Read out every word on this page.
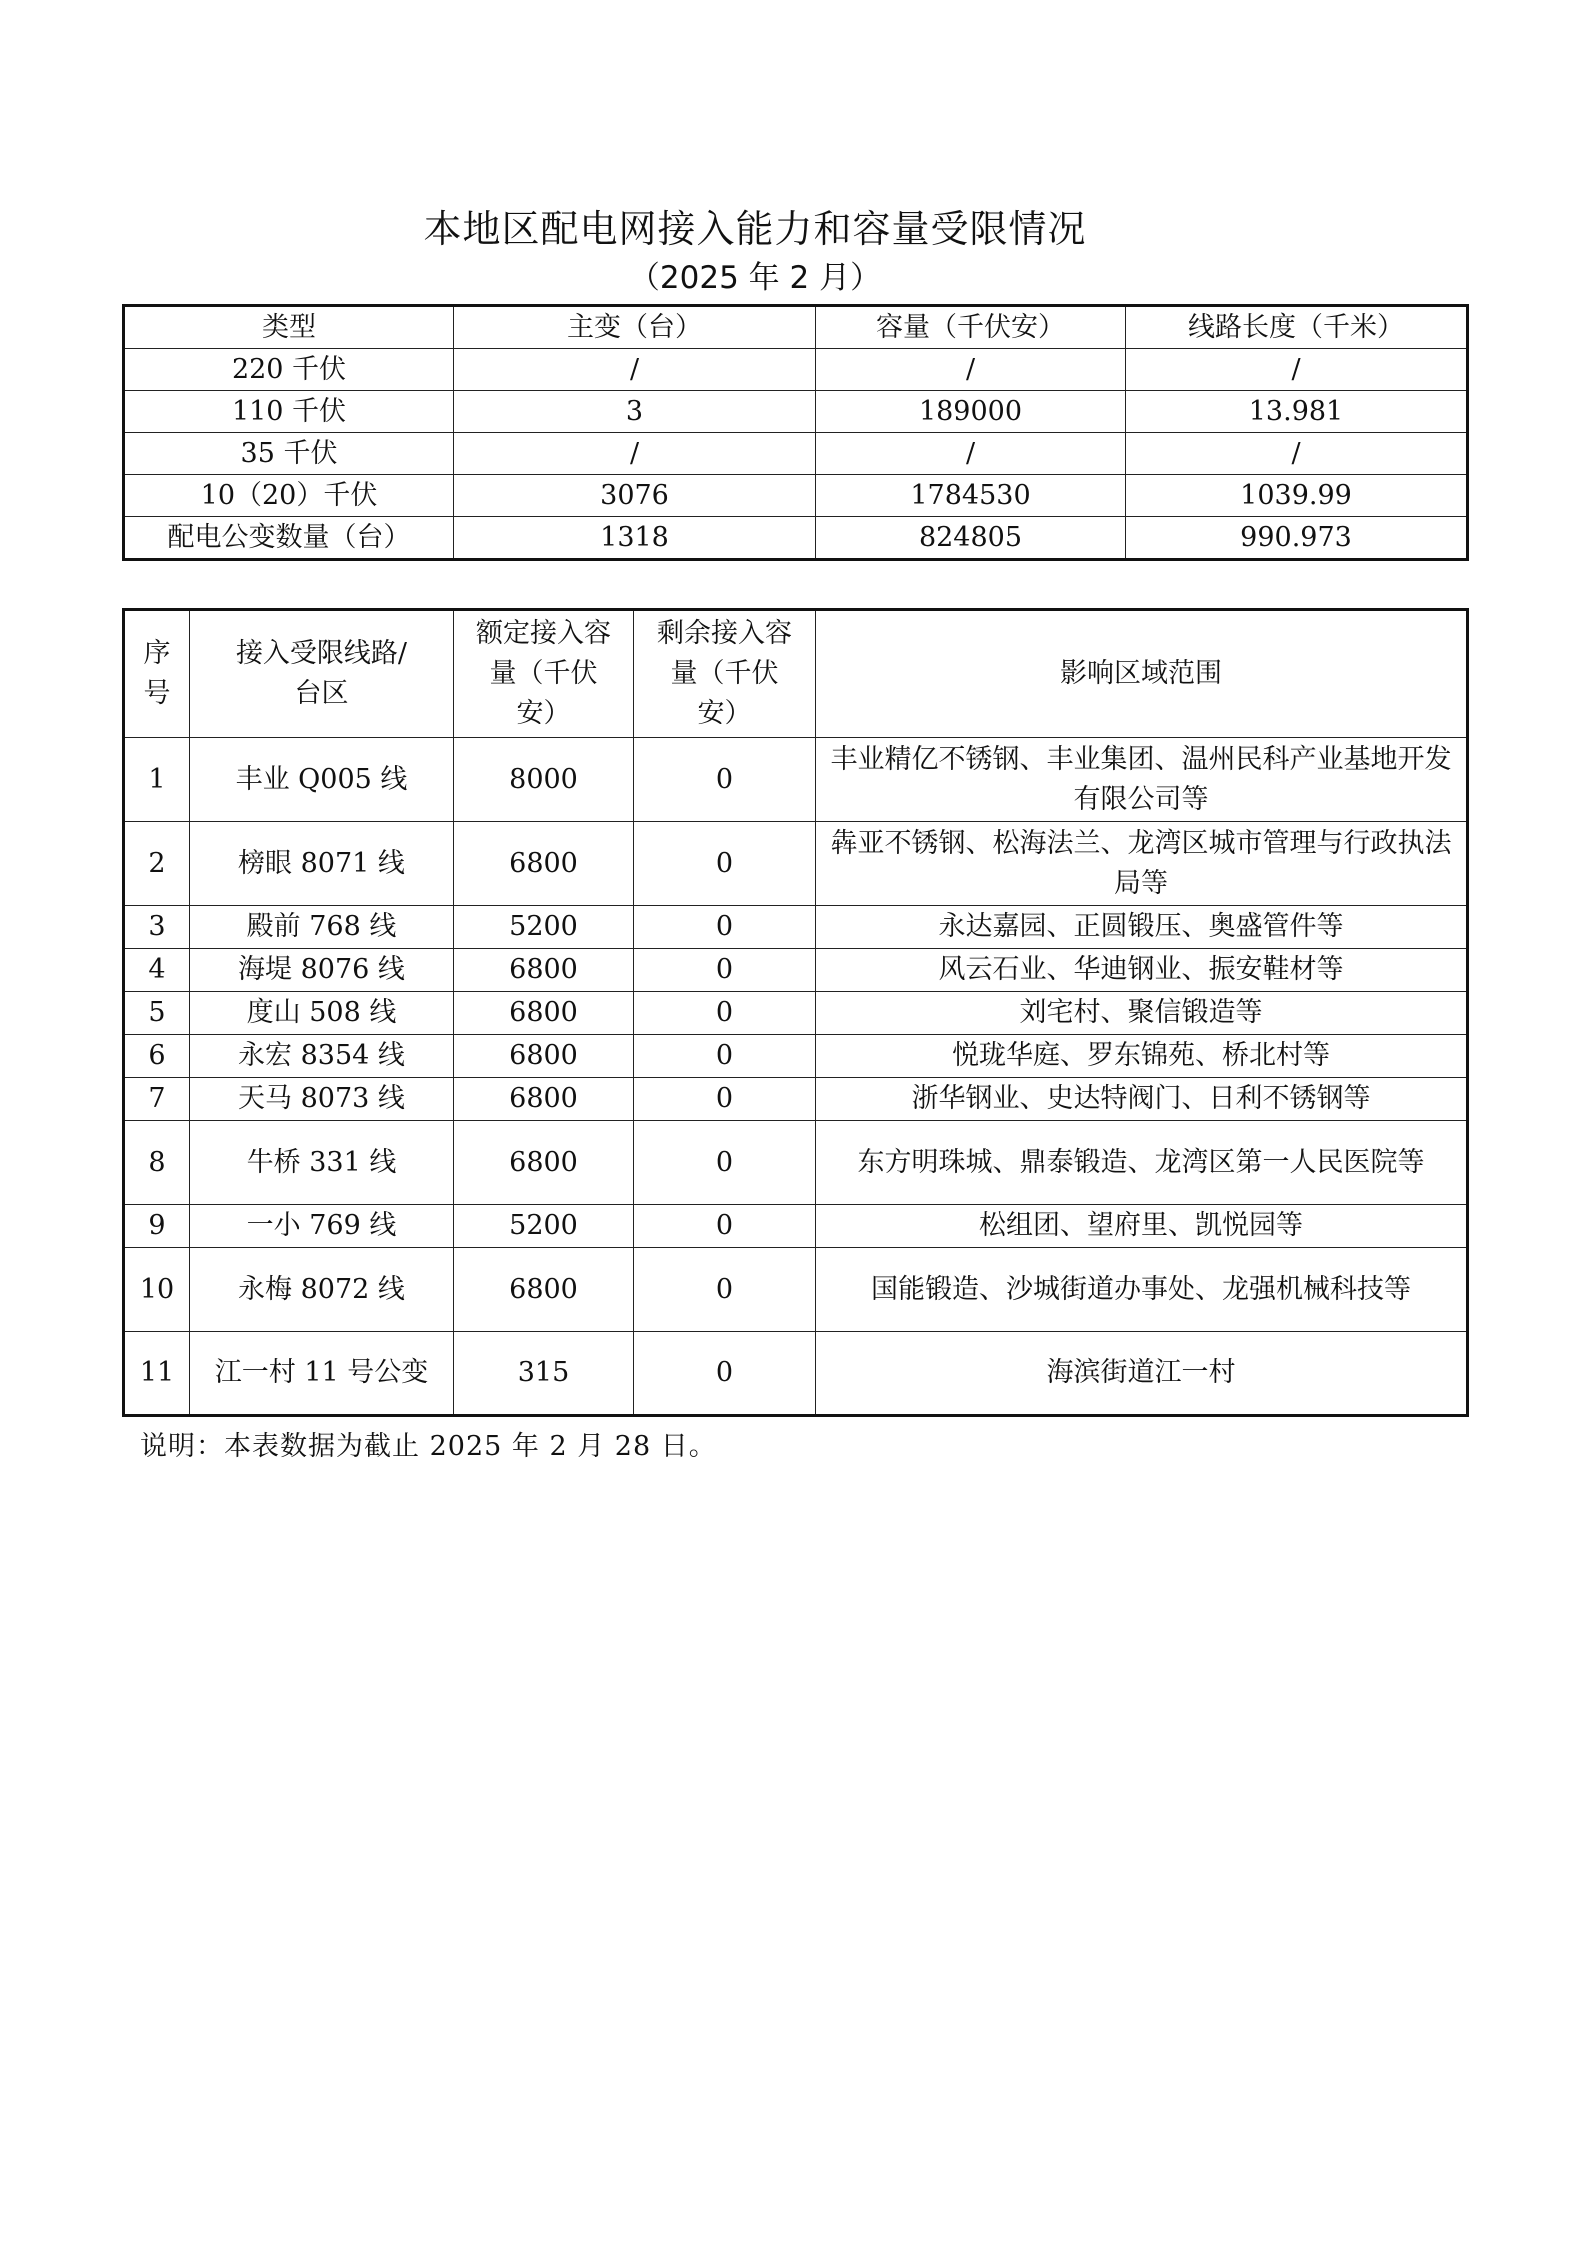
本地区配电网接入能力和容量受限情况
（2025 年 2 月）
类型	主变（台）	容量（千伏安）	线路长度（千米）
220 千伏	/	/	/
110 千伏	3	189000	13.981
35 千伏	/	/	/
10（20）千伏	3076	1784530	1039.99
配电公变数量（台）	1318	824805	990.973
序号	接入受限线路/台区	额定接入容量（千伏安）	剩余接入容量（千伏安）	影响区域范围
1	丰业 Q005 线	8000	0	丰业精亿不锈钢、丰业集团、温州民科产业基地开发有限公司等
2	榜眼 8071 线	6800	0	犇亚不锈钢、松海法兰、龙湾区城市管理与行政执法局等
3	殿前 768 线	5200	0	永达嘉园、正圆锻压、奥盛管件等
4	海堤 8076 线	6800	0	风云石业、华迪钢业、振安鞋材等
5	度山 508 线	6800	0	刘宅村、聚信锻造等
6	永宏 8354 线	6800	0	悦珑华庭、罗东锦苑、桥北村等
7	天马 8073 线	6800	0	浙华钢业、史达特阀门、日利不锈钢等
8	牛桥 331 线	6800	0	东方明珠城、鼎泰锻造、龙湾区第一人民医院等
9	一小 769 线	5200	0	松组团、望府里、凯悦园等
10	永梅 8072 线	6800	0	国能锻造、沙城街道办事处、龙强机械科技等
11	江一村 11 号公变	315	0	海滨街道江一村
说明：本表数据为截止 2025 年 2 月 28 日。
